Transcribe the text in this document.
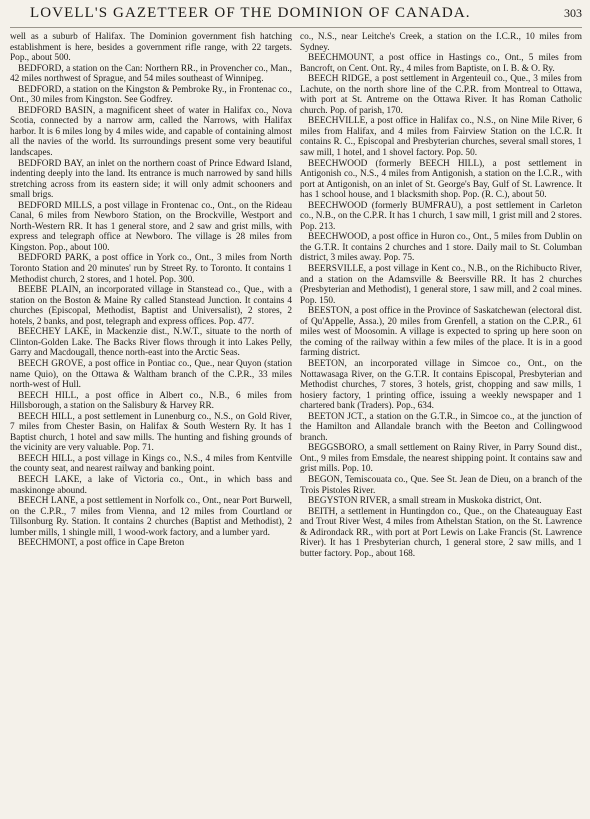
LOVELL'S GAZETTEER OF THE DOMINION OF CANADA.	303

well as a suburb of Halifax. The Dominion government fish hatching establishment is here, besides a government rifle range, with 22 targets. Pop., about 500.

BEDFORD, a station on the Can: Northern RR., in Provencher co., Man., 42 miles northwest of Sprague, and 54 miles southeast of Winnipeg.

BEDFORD, a station on the Kingston & Pembroke Ry., in Frontenac co., Ont., 30 miles from Kingston. See Godfrey.

BEDFORD BASIN, a magnificent sheet of water in Halifax co., Nova Scotia, connected by a narrow arm, called the Narrows, with Halifax harbor. It is 6 miles long by 4 miles wide, and capable of containing almost all the navies of the world. Its surroundings present some very beautiful landscapes.

BEDFORD BAY, an inlet on the northern coast of Prince Edward Island, indenting deeply into the land. Its entrance is much narrowed by sand hills stretching across from its eastern side; it will only admit schooners and small brigs.

BEDFORD MILLS, a post village in Frontenac co., Ont., on the Rideau Canal, 6 miles from Newboro Station, on the Brockville, Westport and North-Western RR. It has 1 general store, and 2 saw and grist mills, with express and telegraph office at Newboro. The village is 28 miles from Kingston. Pop., about 100.

BEDFORD PARK, a post office in York co., Ont., 3 miles from North Toronto Station and 20 minutes' run by Street Ry. to Toronto. It contains 1 Methodist church, 2 stores, and 1 hotel. Pop. 300.

BEEBE PLAIN, an incorporated village in Stanstead co., Que., with a station on the Boston & Maine Ry called Stanstead Junction. It contains 4 churches (Episcopal, Methodist, Baptist and Universalist), 2 stores, 2 hotels, 2 banks, and post, telegraph and express offices. Pop. 477.

BEECHEY LAKE, in Mackenzie dist., N.W.T., situate to the north of Clinton-Golden Lake. The Backs River flows through it into Lakes Pelly, Garry and Macdougall, thence north-east into the Arctic Seas.

BEECH GROVE, a post office in Pontiac co., Que., near Quyon (station name Quio), on the Ottawa & Waltham branch of the C.P.R., 33 miles north-west of Hull.

BEECH HILL, a post office in Albert co., N.B., 6 miles from Hillsborough, a station on the Salisbury & Harvey RR.

BEECH HILL, a post settlement in Lunenburg co., N.S., on Gold River, 7 miles from Chester Basin, on Halifax & South Western Ry. It has 1 Baptist church, 1 hotel and saw mills. The hunting and fishing grounds of the vicinity are very valuable. Pop. 71.

BEECH HILL, a post village in Kings co., N.S., 4 miles from Kentville the county seat, and nearest railway and banking point.

BEECH LAKE, a lake of Victoria co., Ont., in which bass and maskinonge abound.

BEECH LANE, a post settlement in Norfolk co., Ont., near Port Burwell, on the C.P.R., 7 miles from Vienna, and 12 miles from Courtland or Tillsonburg Ry. Station. It contains 2 churches (Baptist and Methodist), 2 lumber mills, 1 shingle mill, 1 wood-work factory, and a lumber yard.

BEECHMONT, a post office in Cape Breton

co., N.S., near Leitche's Creek, a station on the I.C.R., 10 miles from Sydney.

BEECHMOUNT, a post office in Hastings co., Ont., 5 miles from Bancroft, on Cent. Ont. Ry., 4 miles from Baptiste, on I. B. & O. Ry.

BEECH RIDGE, a post settlement in Argenteuil co., Que., 3 miles from Lachute, on the north shore line of the C.P.R. from Montreal to Ottawa, with port at St. Antreme on the Ottawa River. It has Roman Catholic church. Pop. of parish, 170.

BEECHVILLE, a post office in Halifax co., N.S., on Nine Mile River, 6 miles from Halifax, and 4 miles from Fairview Station on the I.C.R. It contains R. C., Episcopal and Presbyterian churches, several small stores, 1 saw mill, 1 hotel, and 1 shovel factory. Pop. 50.

BEECHWOOD (formerly BEECH HILL), a post settlement in Antigonish co., N.S., 4 miles from Antigonish, a station on the I.C.R., with port at Antigonish, on an inlet of St. George's Bay, Gulf of St. Lawrence. It has 1 school house, and 1 blacksmith shop. Pop. (R. C.), about 50.

BEECHWOOD (formerly BUMFRAU), a post settlement in Carleton co., N.B., on the C.P.R. It has 1 church, 1 saw mill, 1 grist mill and 2 stores. Pop. 213.

BEECHWOOD, a post office in Huron co., Ont., 5 miles from Dublin on the G.T.R. It contains 2 churches and 1 store. Daily mail to St. Columban district, 3 miles away. Pop. 75.

BEERSVILLE, a post village in Kent co., N.B., on the Richibucto River, and a station on the Adamsville & Beersville RR. It has 2 churches (Presbyterian and Methodist), 1 general store, 1 saw mill, and 2 coal mines. Pop. 150.

BEESTON, a post office in the Province of Saskatchewan (electoral dist. of Qu'Appelle, Assa.), 20 miles from Grenfell, a station on the C.P.R., 61 miles west of Moosomin. A village is expected to spring up here soon on the coming of the railway within a few miles of the place. It is in a good farming district.

BEETON, an incorporated village in Simcoe co., Ont., on the Nottawasaga River, on the G.T.R. It contains Episcopal, Presbyterian and Methodist churches, 7 stores, 3 hotels, grist, chopping and saw mills, 1 hosiery factory, 1 printing office, issuing a weekly newspaper and 1 chartered bank (Traders). Pop., 634.

BEETON JCT., a station on the G.T.R., in Simcoe co., at the junction of the Hamilton and Allandale branch with the Beeton and Collingwood branch.

BEGGSBORO, a small settlement on Rainy River, in Parry Sound dist., Ont., 9 miles from Emsdale, the nearest shipping point. It contains saw and grist mills. Pop. 10.

BEGON, Temiscouata co., Que. See St. Jean de Dieu, on a branch of the Trois Pistoles River.

BEGYSTON RIVER, a small stream in Muskoka district, Ont.

BEITH, a settlement in Huntingdon co., Que., on the Chateauguay East and Trout River West, 4 miles from Athelstan Station, on the St. Lawrence & Adirondack RR., with port at Port Lewis on Lake Francis (St. Lawrence River). It has 1 Presbyterian church, 1 general store, 2 saw mills, and 1 butter factory. Pop., about 168.
